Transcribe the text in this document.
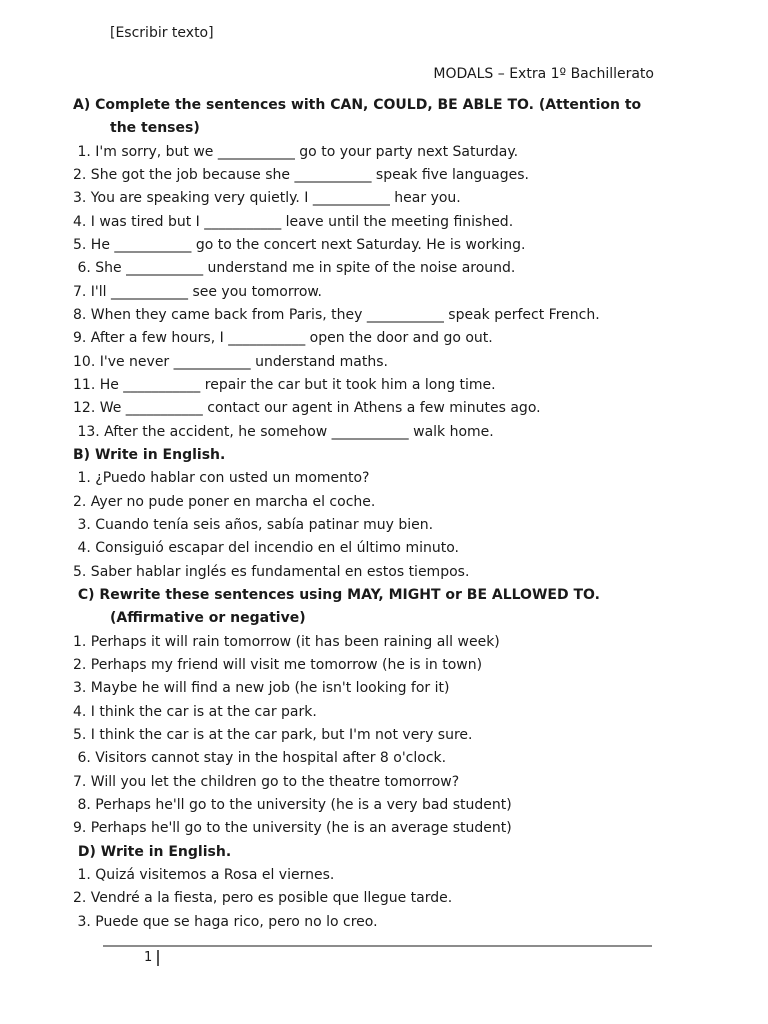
[Escribir texto]
MODALS – Extra 1º Bachillerato
A) Complete the sentences with CAN, COULD, BE ABLE TO. (Attention to
the tenses)
1. I'm sorry, but we ___________ go to your party next Saturday.
2. She got the job because she ___________ speak five languages.
3. You are speaking very quietly. I ___________ hear you.
4. I was tired but I ___________ leave until the meeting finished.
5. He ___________ go to the concert next Saturday. He is working.
6. She ___________ understand me in spite of the noise around.
7. I'll ___________ see you tomorrow.
8. When they came back from Paris, they ___________ speak perfect French.
9. After a few hours, I ___________ open the door and go out.
10. I've never ___________ understand maths.
11. He ___________ repair the car but it took him a long time.
12. We ___________ contact our agent in Athens a few minutes ago.
13. After the accident, he somehow ___________ walk home.
B) Write in English.
1. ¿Puedo hablar con usted un momento?
2. Ayer no pude poner en marcha el coche.
3. Cuando tenía seis años, sabía patinar muy bien.
4. Consiguió escapar del incendio en el último minuto.
5. Saber hablar inglés es fundamental en estos tiempos.
C) Rewrite these sentences using MAY, MIGHT or BE ALLOWED TO.
(Affirmative or negative)
1. Perhaps it will rain tomorrow (it has been raining all week)
2. Perhaps my friend will visit me tomorrow (he is in town)
3. Maybe he will find a new job (he isn't looking for it)
4. I think the car is at the car park.
5. I think the car is at the car park, but I'm not very sure.
6. Visitors cannot stay in the hospital after 8 o'clock.
7. Will you let the children go to the theatre tomorrow?
8. Perhaps he'll go to the university (he is a very bad student)
9. Perhaps he'll go to the university (he is an average student)
D) Write in English.
1. Quizá visitemos a Rosa el viernes.
2. Vendré a la fiesta, pero es posible que llegue tarde.
3. Puede que se haga rico, pero no lo creo.
1
